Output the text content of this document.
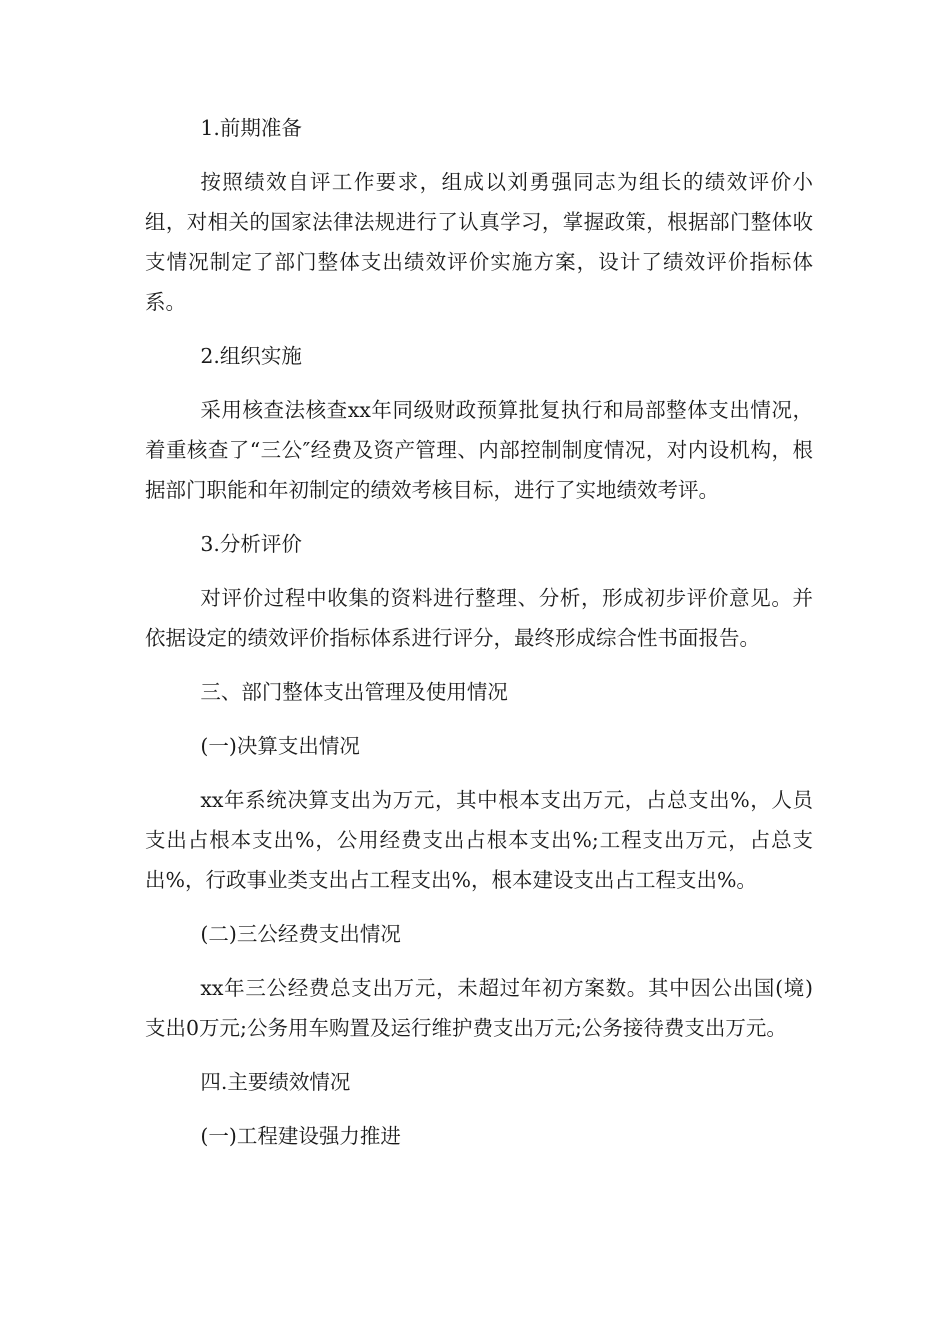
1.前期准备

按照绩效自评工作要求，组成以刘勇强同志为组长的绩效评价小组，对相关的国家法律法规进行了认真学习，掌握政策，根据部门整体收支情况制定了部门整体支出绩效评价实施方案，设计了绩效评价指标体系。

2.组织实施

采用核查法核查xx年同级财政预算批复执行和局部整体支出情况，着重核查了“三公″经费及资产管理、内部控制制度情况，对内设机构，根据部门职能和年初制定的绩效考核目标，进行了实地绩效考评。

3.分析评价

对评价过程中收集的资料进行整理、分析，形成初步评价意见。并依据设定的绩效评价指标体系进行评分，最终形成综合性书面报告。

三、部门整体支出管理及使用情况

(一)决算支出情况

xx年系统决算支出为万元，其中根本支出万元，占总支出%，人员支出占根本支出%，公用经费支出占根本支出%;工程支出万元，占总支出%，行政事业类支出占工程支出%，根本建设支出占工程支出%。

(二)三公经费支出情况

xx年三公经费总支出万元，未超过年初方案数。其中因公出国(境)支出0万元;公务用车购置及运行维护费支出万元;公务接待费支出万元。

四.主要绩效情况

(一)工程建设强力推进
